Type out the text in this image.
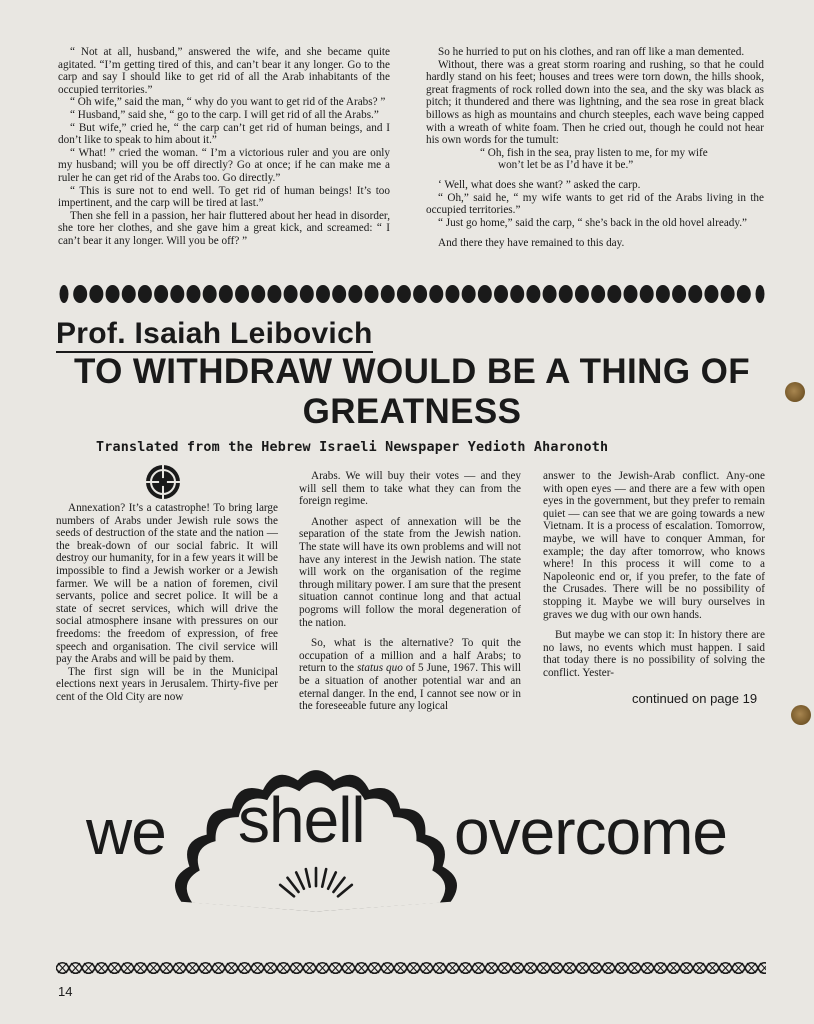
“ Not at all, husband,” answered the wife, and she became quite agitated. “I’m getting tired of this, and can’t bear it any longer. Go to the carp and say I should like to get rid of all the Arab inhabitants of the occupied territories.”

“ Oh wife,” said the man, “ why do you want to get rid of the Arabs? ”

“ Husband,” said she, “ go to the carp. I will get rid of all the Arabs.”

“ But wife,” cried he, “ the carp can’t get rid of human beings, and I don’t like to speak to him about it.”

“ What! ” cried the woman. “ I’m a victorious ruler and you are only my husband; will you be off directly? Go at once; if he can make me a ruler he can get rid of the Arabs too. Go directly.”

“ This is sure not to end well. To get rid of human beings! It’s too impertinent, and the carp will be tired at last.”

Then she fell in a passion, her hair fluttered about her head in disorder, she tore her clothes, and she gave him a great kick, and screamed: “ I can’t bear it any longer. Will you be off? ”

So he hurried to put on his clothes, and ran off like a man demented.

Without, there was a great storm roaring and rushing, so that he could hardly stand on his feet; houses and trees were torn down, the hills shook, great fragments of rock rolled down into the sea, and the sky was black as pitch; it thundered and there was lightning, and the sea rose in great black billows as high as mountains and church steeples, each wave being capped with a wreath of white foam. Then he cried out, though he could not hear his own words for the tumult:

“ Oh, fish in the sea, pray listen to me, for my wife

won’t let be as I’d have it be.”

‘ Well, what does she want? ” asked the carp.

“ Oh,” said he, “ my wife wants to get rid of the Arabs living in the occupied territories.”

“ Just go home,” said the carp, “ she’s back in the old hovel already.”

And there they have remained to this day.

Prof. Isaiah Leibovich
TO WITHDRAW WOULD BE A THING OF GREATNESS
Translated from the Hebrew Israeli Newspaper Yedioth Aharonoth

Annexation? It’s a catastrophe! To bring large numbers of Arabs under Jewish rule sows the seeds of destruction of the state and the nation — the break-down of our social fabric. It will destroy our humanity, for in a few years it will be impossible to find a Jewish worker or a Jewish farmer. We will be a nation of foremen, civil servants, police and secret police. It will be a state of secret services, which will drive the social atmosphere insane with pressures on our freedoms: the freedom of expression, of free speech and organisation. The civil service will pay the Arabs and will be paid by them.

The first sign will be in the Municipal elections next years in Jerusalem. Thirty-five per cent of the Old City are now

Arabs. We will buy their votes — and they will sell them to take what they can from the foreign regime.

Another aspect of annexation will be the separation of the state from the Jewish nation. The state will have its own problems and will not have any interest in the Jewish nation. The state will work on the organisation of the regime through military power. I am sure that the present situation cannot continue long and that actual pogroms will follow the moral degeneration of the nation.

So, what is the alternative? To quit the occupation of a million and a half Arabs; to return to the status quo of 5 June, 1967. This will be a situation of another potential war and an eternal danger. In the end, I cannot see now or in the foreseeable future any logical

answer to the Jewish-Arab conflict. Any-one with open eyes — and there are a few with open eyes in the government, but they prefer to remain quiet — can see that we are going towards a new Vietnam. It is a process of escalation. Tomorrow, maybe, we will have to conquer Amman, for example; the day after tomorrow, who knows where! In this process it will come to a Napoleonic end or, if you prefer, to the fate of the Crusades. There will be no possibility of stopping it. Maybe we will bury ourselves in graves we dug with our own hands.

But maybe we can stop it: In history there are no laws, no events which must happen. I said that today there is no possibility of solving the conflict. Yester-

continued on page 19
we shell overcome
14
